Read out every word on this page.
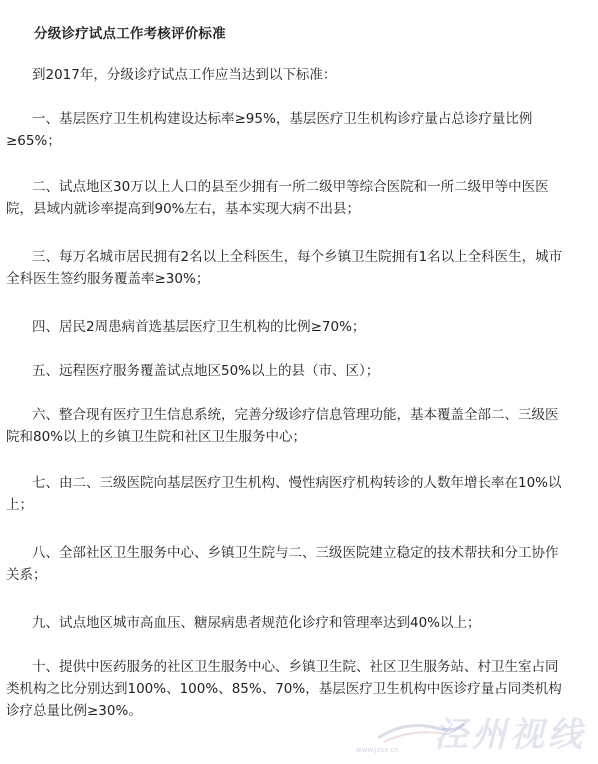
分级诊疗试点工作考核评价标准

到2017年，分级诊疗试点工作应当达到以下标准：

一、基层医疗卫生机构建设达标率≥95%，基层医疗卫生机构诊疗量占总诊疗量比例
≥65%；

二、试点地区30万以上人口的县至少拥有一所二级甲等综合医院和一所二级甲等中医医
院，县域内就诊率提高到90%左右，基本实现大病不出县；

三、每万名城市居民拥有2名以上全科医生，每个乡镇卫生院拥有1名以上全科医生，城市
全科医生签约服务覆盖率≥30%；

四、居民2周患病首选基层医疗卫生机构的比例≥70%；

五、远程医疗服务覆盖试点地区50%以上的县（市、区）；

六、整合现有医疗卫生信息系统，完善分级诊疗信息管理功能，基本覆盖全部二、三级医
院和80%以上的乡镇卫生院和社区卫生服务中心；

七、由二、三级医院向基层医疗卫生机构、慢性病医疗机构转诊的人数年增长率在10%以
上；

八、全部社区卫生服务中心、乡镇卫生院与二、三级医院建立稳定的技术帮扶和分工协作
关系；

九、试点地区城市高血压、糖尿病患者规范化诊疗和管理率达到40%以上；

十、提供中医药服务的社区卫生服务中心、乡镇卫生院、社区卫生服务站、村卫生室占同
类机构之比分别达到100%、100%、85%、70%，基层医疗卫生机构中医诊疗量占同类机构
诊疗总量比例≥30%。

www.jzsx.cn 泾州视线
